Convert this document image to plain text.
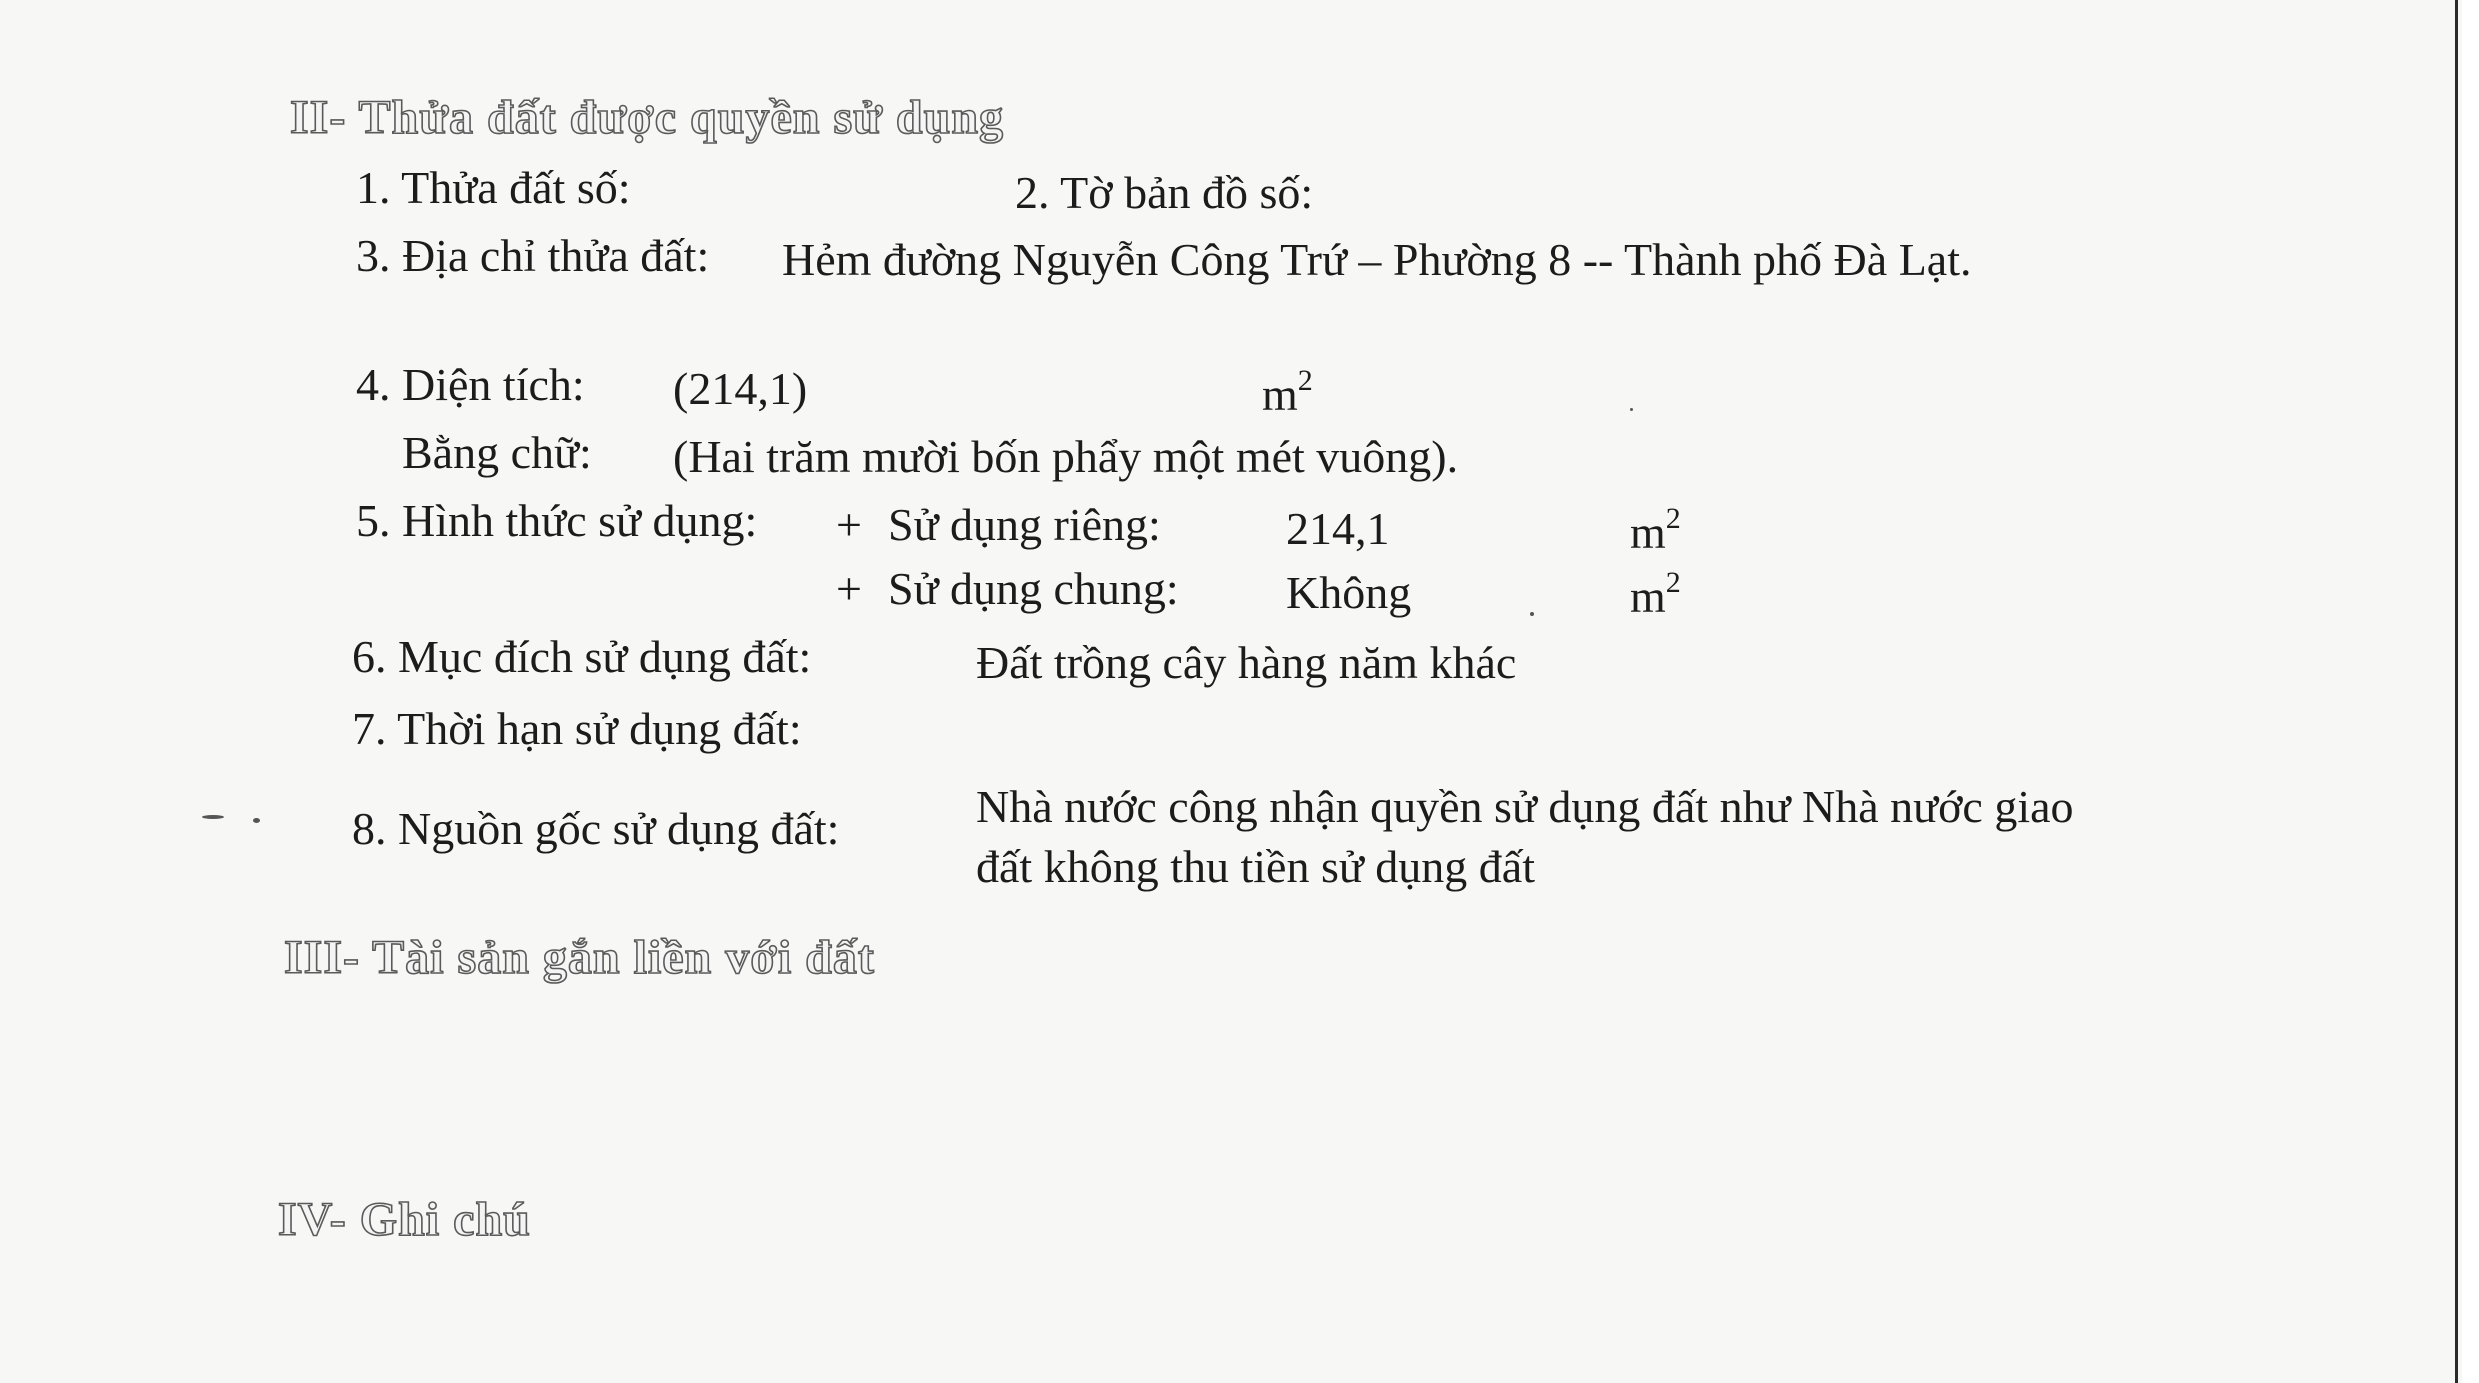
II- Thửa đất được quyền sử dụng
1. Thửa đất số:	2. Tờ bản đồ số:
3. Địa chỉ thửa đất: Hẻm đường Nguyễn Công Trứ – Phường 8 -- Thành phố Đà Lạt.
4. Diện tích: (214,1)	$m^2$
Bằng chữ: (Hai trăm mười bốn phẩy một mét vuông).
5. Hình thức sử dụng: + Sử dụng riêng:	214,1	$m^2$
+ Sử dụng chung: Không	$m^2$
6. Mục đích sử dụng đất:	Đất trồng cây hàng năm khác
7. Thời hạn sử dụng đất:
8. Nguồn gốc sử dụng đất:	Nhà nước công nhận quyền sử dụng đất như Nhà nước giao
đất không thu tiền sử dụng đất
III- Tài sản gắn liền với đất
IV- Ghi chú
